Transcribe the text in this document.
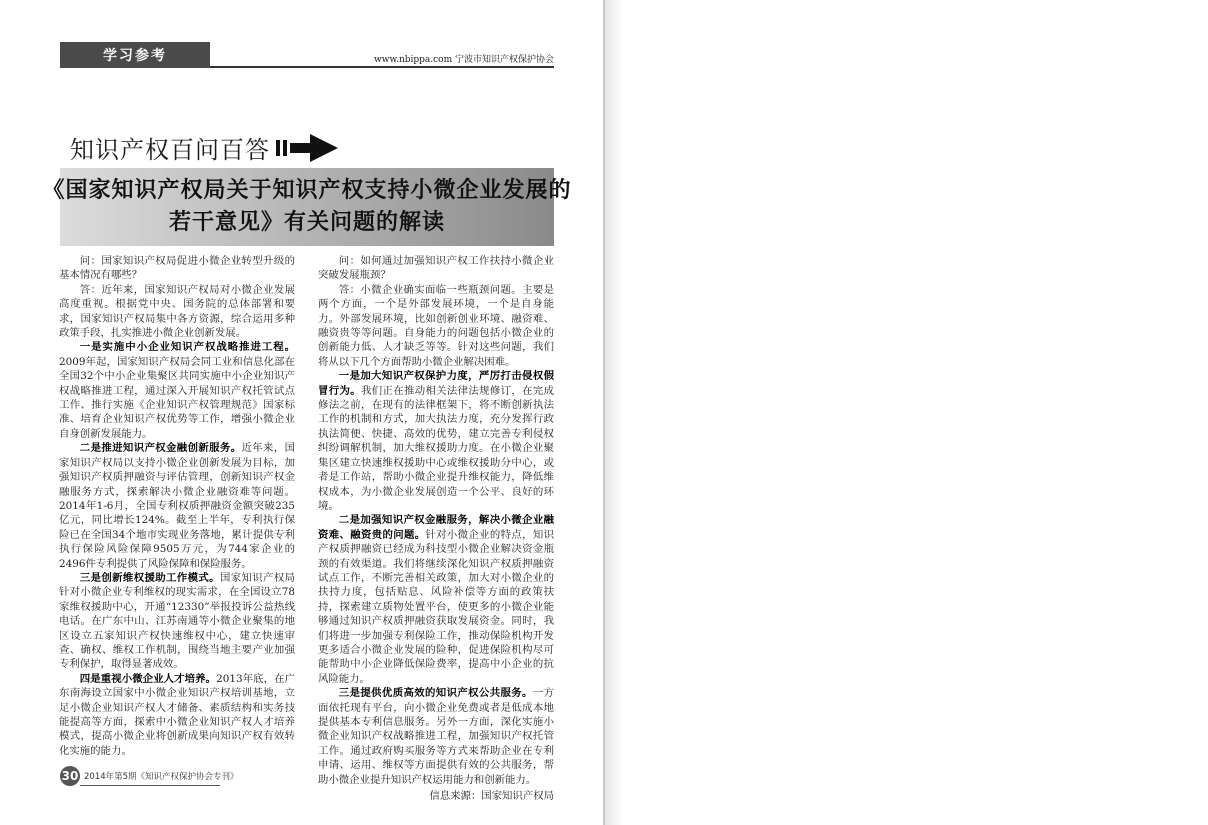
学习参考	www.nbippa.com 宁波市知识产权保护协会
知识产权百问百答
《国家知识产权局关于知识产权支持小微企业发展的
若干意见》有关问题的解读

问：国家知识产权局促进小微企业转型升级的基本情况有哪些？

答：近年来，国家知识产权局对小微企业发展高度重视。根据党中央、国务院的总体部署和要求，国家知识产权局集中各方资源，综合运用多种政策手段，扎实推进小微企业创新发展。

一是实施中小企业知识产权战略推进工程。2009年起，国家知识产权局会同工业和信息化部在全国32个中小企业集聚区共同实施中小企业知识产权战略推进工程，通过深入开展知识产权托管试点工作、推行实施《企业知识产权管理规范》国家标准、培育企业知识产权优势等工作，增强小微企业自身创新发展能力。

二是推进知识产权金融创新服务。近年来，国家知识产权局以支持小微企业创新发展为目标，加强知识产权质押融资与评估管理，创新知识产权金融服务方式，探索解决小微企业融资难等问题。2014年1-6月，全国专利权质押融资金额突破235亿元，同比增长124%。截至上半年，专利执行保险已在全国34个地市实现业务落地，累计提供专利执行保险风险保障9505万元，为744家企业的2496件专利提供了风险保障和保险服务。

三是创新维权援助工作模式。国家知识产权局针对小微企业专利维权的现实需求，在全国设立78家维权援助中心，开通“12330”举报投诉公益热线电话。在广东中山、江苏南通等小微企业聚集的地区设立五家知识产权快速维权中心，建立快速审查、确权、维权工作机制，围绕当地主要产业加强专利保护，取得显著成效。

四是重视小微企业人才培养。2013年底，在广东南海设立国家中小微企业知识产权培训基地，立足小微企业知识产权人才储备、素质结构和实务技能提高等方面，探索中小微企业知识产权人才培养模式，提高小微企业将创新成果向知识产权有效转化实施的能力。

问：如何通过加强知识产权工作扶持小微企业突破发展瓶颈？

答：小微企业确实面临一些瓶颈问题。主要是两个方面，一个是外部发展环境，一个是自身能力。外部发展环境，比如创新创业环境、融资难、融资贵等等问题。自身能力的问题包括小微企业的创新能力低、人才缺乏等等。针对这些问题，我们将从以下几个方面帮助小微企业解决困难。

一是加大知识产权保护力度，严厉打击侵权假冒行为。我们正在推动相关法律法规修订，在完成修法之前，在现有的法律框架下，将不断创新执法工作的机制和方式，加大执法力度，充分发挥行政执法简便、快捷、高效的优势，建立完善专利侵权纠纷调解机制，加大维权援助力度。在小微企业聚集区建立快速维权援助中心或维权援助分中心，或者是工作站，帮助小微企业提升维权能力，降低维权成本，为小微企业发展创造一个公平、良好的环境。

二是加强知识产权金融服务，解决小微企业融资难、融资贵的问题。针对小微企业的特点，知识产权质押融资已经成为科技型小微企业解决资金瓶颈的有效渠道。我们将继续深化知识产权质押融资试点工作，不断完善相关政策，加大对小微企业的扶持力度，包括贴息、风险补偿等方面的政策扶持，探索建立质物处置平台，使更多的小微企业能够通过知识产权质押融资获取发展资金。同时，我们将进一步加强专利保险工作，推动保险机构开发更多适合小微企业发展的险种，促进保险机构尽可能帮助中小企业降低保险费率，提高中小企业的抗风险能力。

三是提供优质高效的知识产权公共服务。一方面依托现有平台，向小微企业免费或者是低成本地提供基本专利信息服务。另外一方面，深化实施小微企业知识产权战略推进工程，加强知识产权托管工作。通过政府购买服务等方式来帮助企业在专利申请、运用、维权等方面提供有效的公共服务，帮助小微企业提升知识产权运用能力和创新能力。

信息来源：国家知识产权局

30 2014年第5期《知识产权保护协会专刊》
